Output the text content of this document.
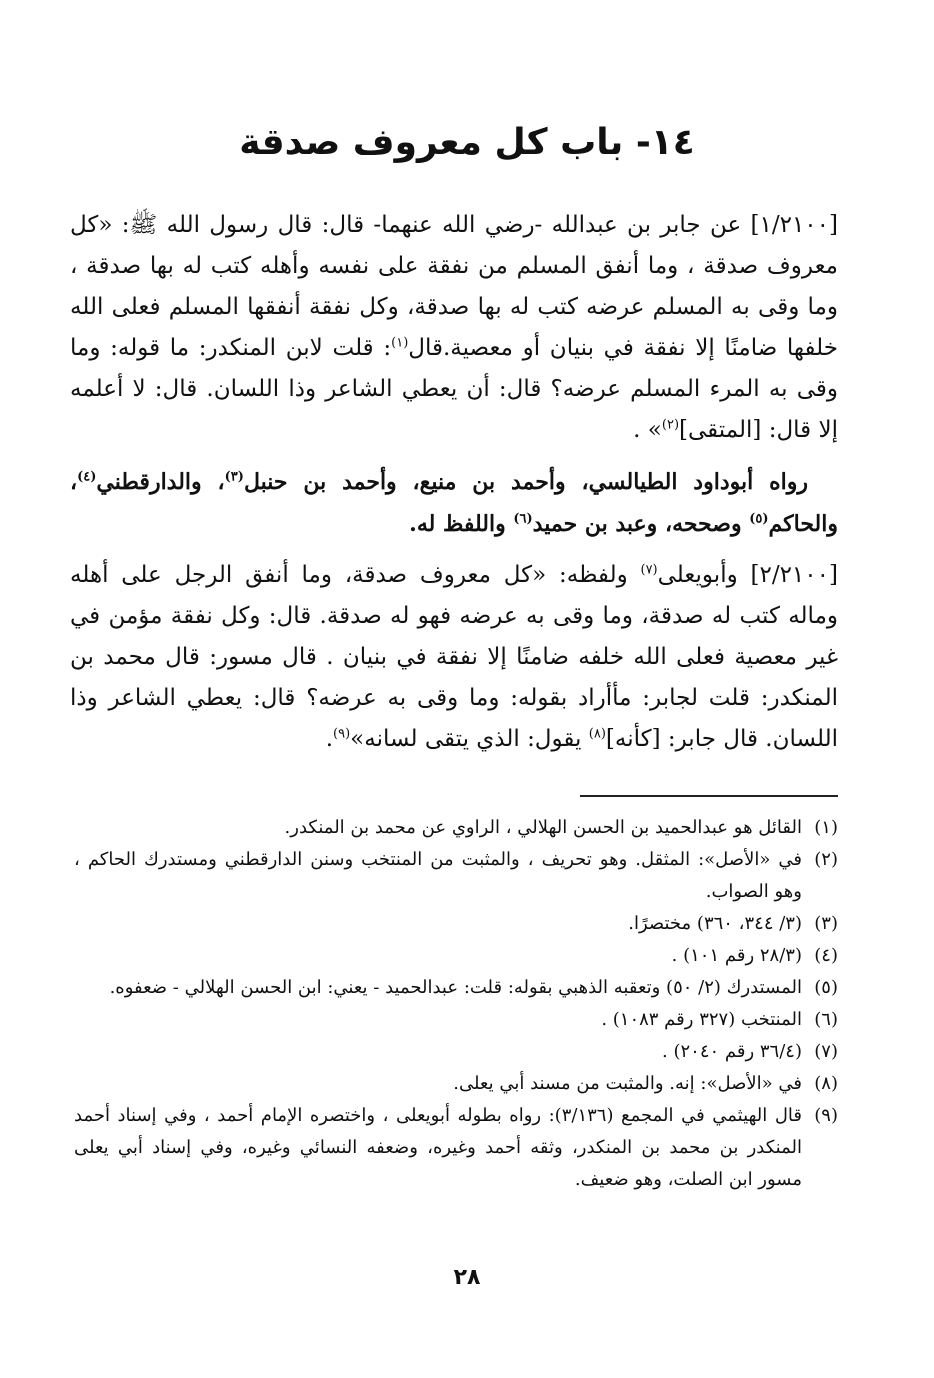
١٤- باب كل معروف صدقة

[١/٢١٠٠] عن جابر بن عبدالله -رضي الله عنهما- قال: قال رسول الله ﷺ: «كل معروف صدقة ، وما أنفق المسلم من نفقة على نفسه وأهله كتب له بها صدقة ، وما وقى به المسلم عرضه كتب له بها صدقة، وكل نفقة أنفقها المسلم فعلى الله خلفها ضامنًا إلا نفقة في بنيان أو معصية.قال$^{(١)}$: قلت لابن المنكدر: ما قوله: وما وقى به المرء المسلم عرضه؟ قال: أن يعطي الشاعر وذا اللسان. قال: لا أعلمه إلا قال: [المتقى]$^{(٢)}$» .

رواه أبوداود الطيالسي، وأحمد بن منيع، وأحمد بن حنبل$^{(٣)}$، والدارقطني$^{(٤)}$، والحاكم$^{(٥)}$ وصححه، وعبد بن حميد$^{(٦)}$ واللفظ له.

[٢/٢١٠٠] وأبويعلى$^{(٧)}$ ولفظه: «كل معروف صدقة، وما أنفق الرجل على أهله وماله كتب له صدقة، وما وقى به عرضه فهو له صدقة. قال: وكل نفقة مؤمن في غير معصية فعلى الله خلفه ضامنًا إلا نفقة في بنيان . قال مسور: قال محمد بن المنكدر: قلت لجابر: مأأراد بقوله: وما وقى به عرضه؟ قال: يعطي الشاعر وذا اللسان. قال جابر: [كأنه]$^{(٨)}$ يقول: الذي يتقى لسانه»$^{(٩)}$.

(١)القائل هو عبدالحميد بن الحسن الهلالي ، الراوي عن محمد بن المنكدر.
(٢)في «الأصل»: المثقل. وهو تحريف ، والمثبت من المنتخب وسنن الدارقطني ومستدرك الحاكم ، وهو الصواب.
(٣)(٣/ ٣٤٤، ٣٦٠) مختصرًا.
(٤)(٢٨/٣ رقم ١٠١) .
(٥)المستدرك (٢/ ٥٠) وتعقبه الذهبي بقوله: قلت: عبدالحميد - يعني: ابن الحسن الهلالي - ضعفوه.
(٦)المنتخب (٣٢٧ رقم ١٠٨٣) .
(٧)(٣٦/٤ رقم ٢٠٤٠) .
(٨)في «الأصل»: إنه. والمثبت من مسند أبي يعلى.
(٩)قال الهيثمي في المجمع (٣/١٣٦): رواه بطوله أبويعلى ، واختصره الإمام أحمد ، وفي إسناد أحمد المنكدر بن محمد بن المنكدر، وثقه أحمد وغيره، وضعفه النسائي وغيره، وفي إسناد أبي يعلى مسور ابن الصلت، وهو ضعيف.
٢٨
